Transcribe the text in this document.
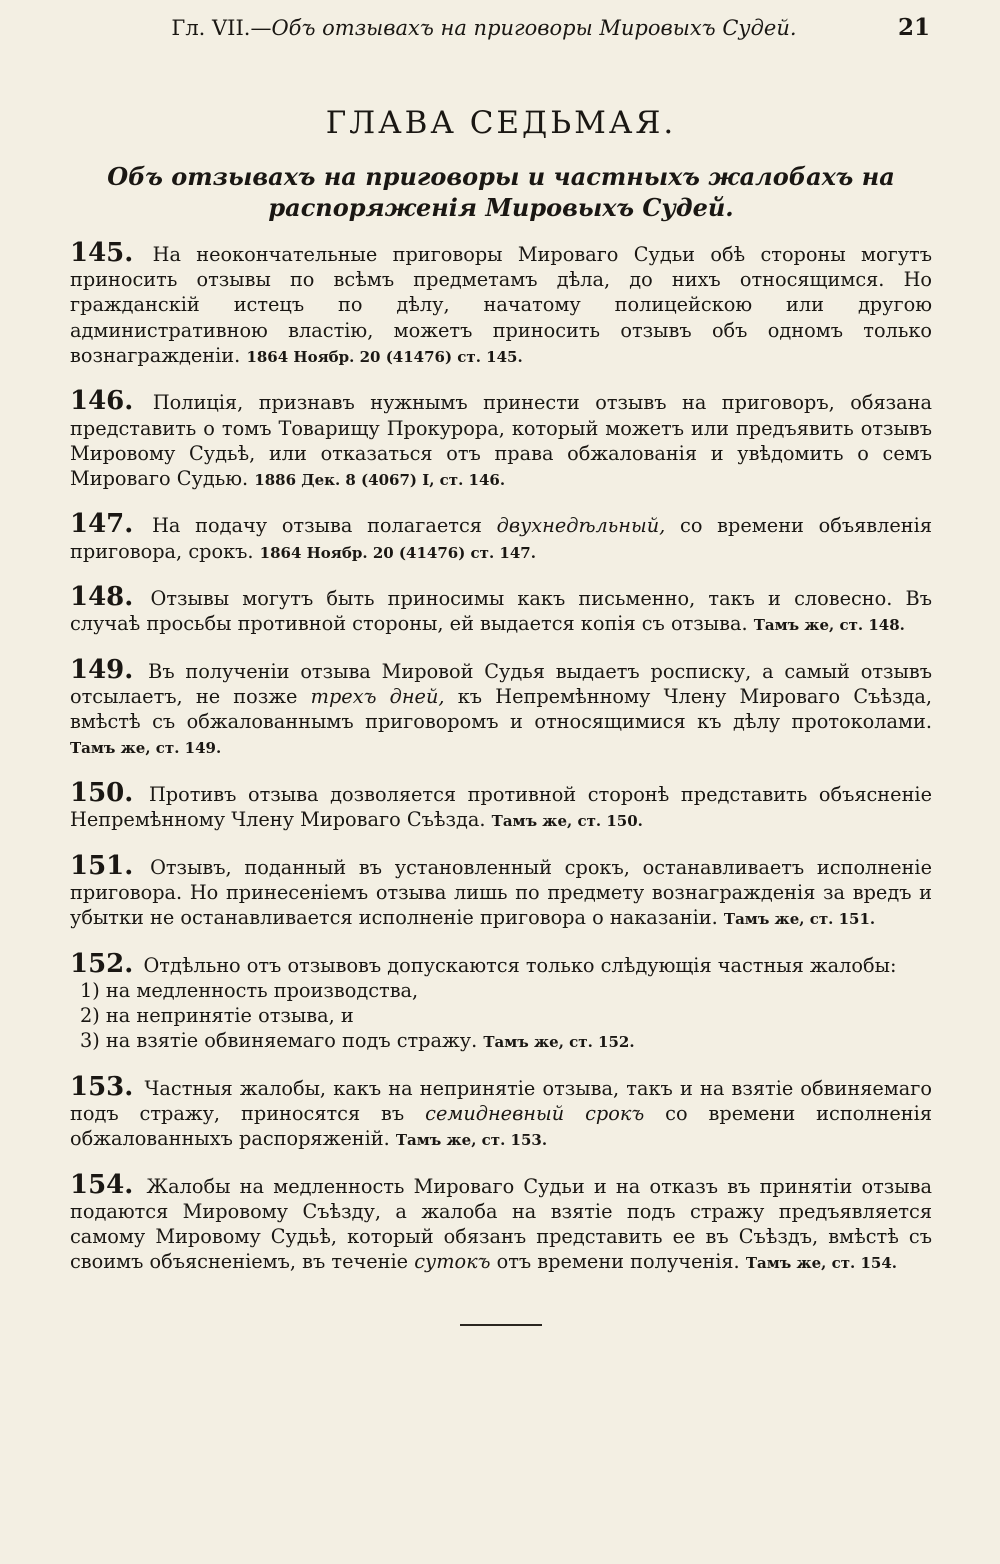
Гл. VII.—Объ отзывахъ на приговоры Мировыхъ Судей.	21
ГЛАВА СЕДЬМАЯ.
Объ отзывахъ на приговоры и частныхъ жалобахъ на распоряженія Мировыхъ Судей.

145. На неокончательные приговоры Мироваго Судьи обѣ стороны могутъ приносить отзывы по всѣмъ предметамъ дѣла, до нихъ относящимся. Но гражданскій истецъ по дѣлу, начатому полицейскою или другою административною властію, можетъ приносить отзывъ объ одномъ только вознагражденіи. 1864 Ноябр. 20 (41476) ст. 145.

146. Полиція, признавъ нужнымъ принести отзывъ на приговоръ, обязана представить о томъ Товарищу Прокурора, который можетъ или предъявить отзывъ Мировому Судьѣ, или отказаться отъ права обжалованія и увѣдомить о семъ Мироваго Судью. 1886 Дек. 8 (4067) I, ст. 146.

147. На подачу отзыва полагается двухнедѣльный, со времени объявленія приговора, срокъ. 1864 Ноябр. 20 (41476) ст. 147.

148. Отзывы могутъ быть приносимы какъ письменно, такъ и словесно. Въ случаѣ просьбы противной стороны, ей выдается копія съ отзыва. Тамъ же, ст. 148.

149. Въ полученіи отзыва Мировой Судья выдаетъ росписку, а самый отзывъ отсылаетъ, не позже трехъ дней, къ Непремѣнному Члену Мироваго Съѣзда, вмѣстѣ съ обжалованнымъ приговоромъ и относящимися къ дѣлу протоколами. Тамъ же, ст. 149.

150. Противъ отзыва дозволяется противной сторонѣ представить объясненіе Непремѣнному Члену Мироваго Съѣзда. Тамъ же, ст. 150.

151. Отзывъ, поданный въ установленный срокъ, останавливаетъ исполненіе приговора. Но принесеніемъ отзыва лишь по предмету вознагражденія за вредъ и убытки не останавливается исполненіе приговора о наказаніи. Тамъ же, ст. 151.

152. Отдѣльно отъ отзывовъ допускаются только слѣдующія частныя жалобы:
1) на медленность производства,
2) на непринятіе отзыва, и
3) на взятіе обвиняемаго подъ стражу. Тамъ же, ст. 152.

153. Частныя жалобы, какъ на непринятіе отзыва, такъ и на взятіе обвиняемаго подъ стражу, приносятся въ семидневный срокъ со времени исполненія обжалованныхъ распоряженій. Тамъ же, ст. 153.

154. Жалобы на медленность Мироваго Судьи и на отказъ въ принятіи отзыва подаются Мировому Съѣзду, а жалоба на взятіе подъ стражу предъявляется самому Мировому Судьѣ, который обязанъ представить ее въ Съѣздъ, вмѣстѣ съ своимъ объясненіемъ, въ теченіе сутокъ отъ времени полученія. Тамъ же, ст. 154.
